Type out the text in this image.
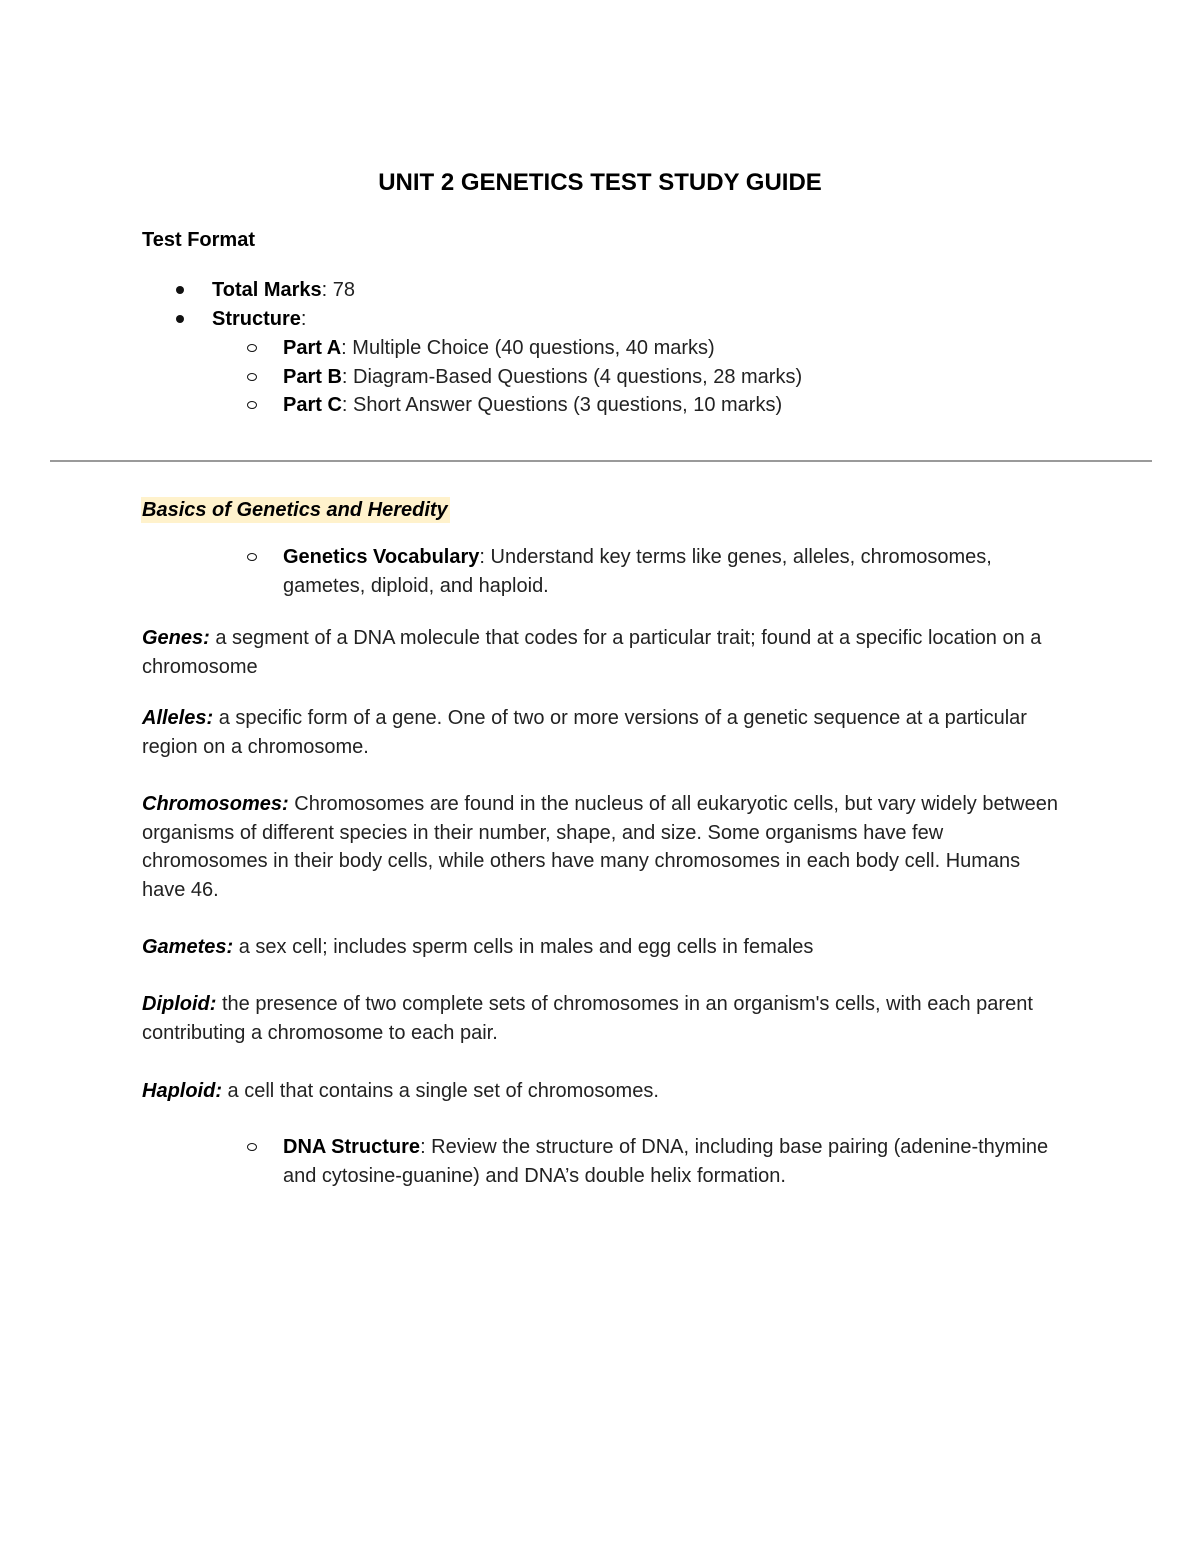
UNIT 2 GENETICS TEST STUDY GUIDE
Test Format
Total Marks: 78
Structure:
Part A: Multiple Choice (40 questions, 40 marks)
Part B: Diagram-Based Questions (4 questions, 28 marks)
Part C: Short Answer Questions (3 questions, 10 marks)
Basics of Genetics and Heredity
Genetics Vocabulary: Understand key terms like genes, alleles, chromosomes, gametes, diploid, and haploid.
Genes: a segment of a DNA molecule that codes for a particular trait; found at a specific location on a chromosome
Alleles: a specific form of a gene. One of two or more versions of a genetic sequence at a particular region on a chromosome.
Chromosomes: Chromosomes are found in the nucleus of all eukaryotic cells, but vary widely between organisms of different species in their number, shape, and size. Some organisms have few chromosomes in their body cells, while others have many chromosomes in each body cell. Humans have 46.
Gametes: a sex cell; includes sperm cells in males and egg cells in females
Diploid: the presence of two complete sets of chromosomes in an organism's cells, with each parent contributing a chromosome to each pair.
Haploid: a cell that contains a single set of chromosomes.
DNA Structure: Review the structure of DNA, including base pairing (adenine-thymine and cytosine-guanine) and DNA’s double helix formation.
